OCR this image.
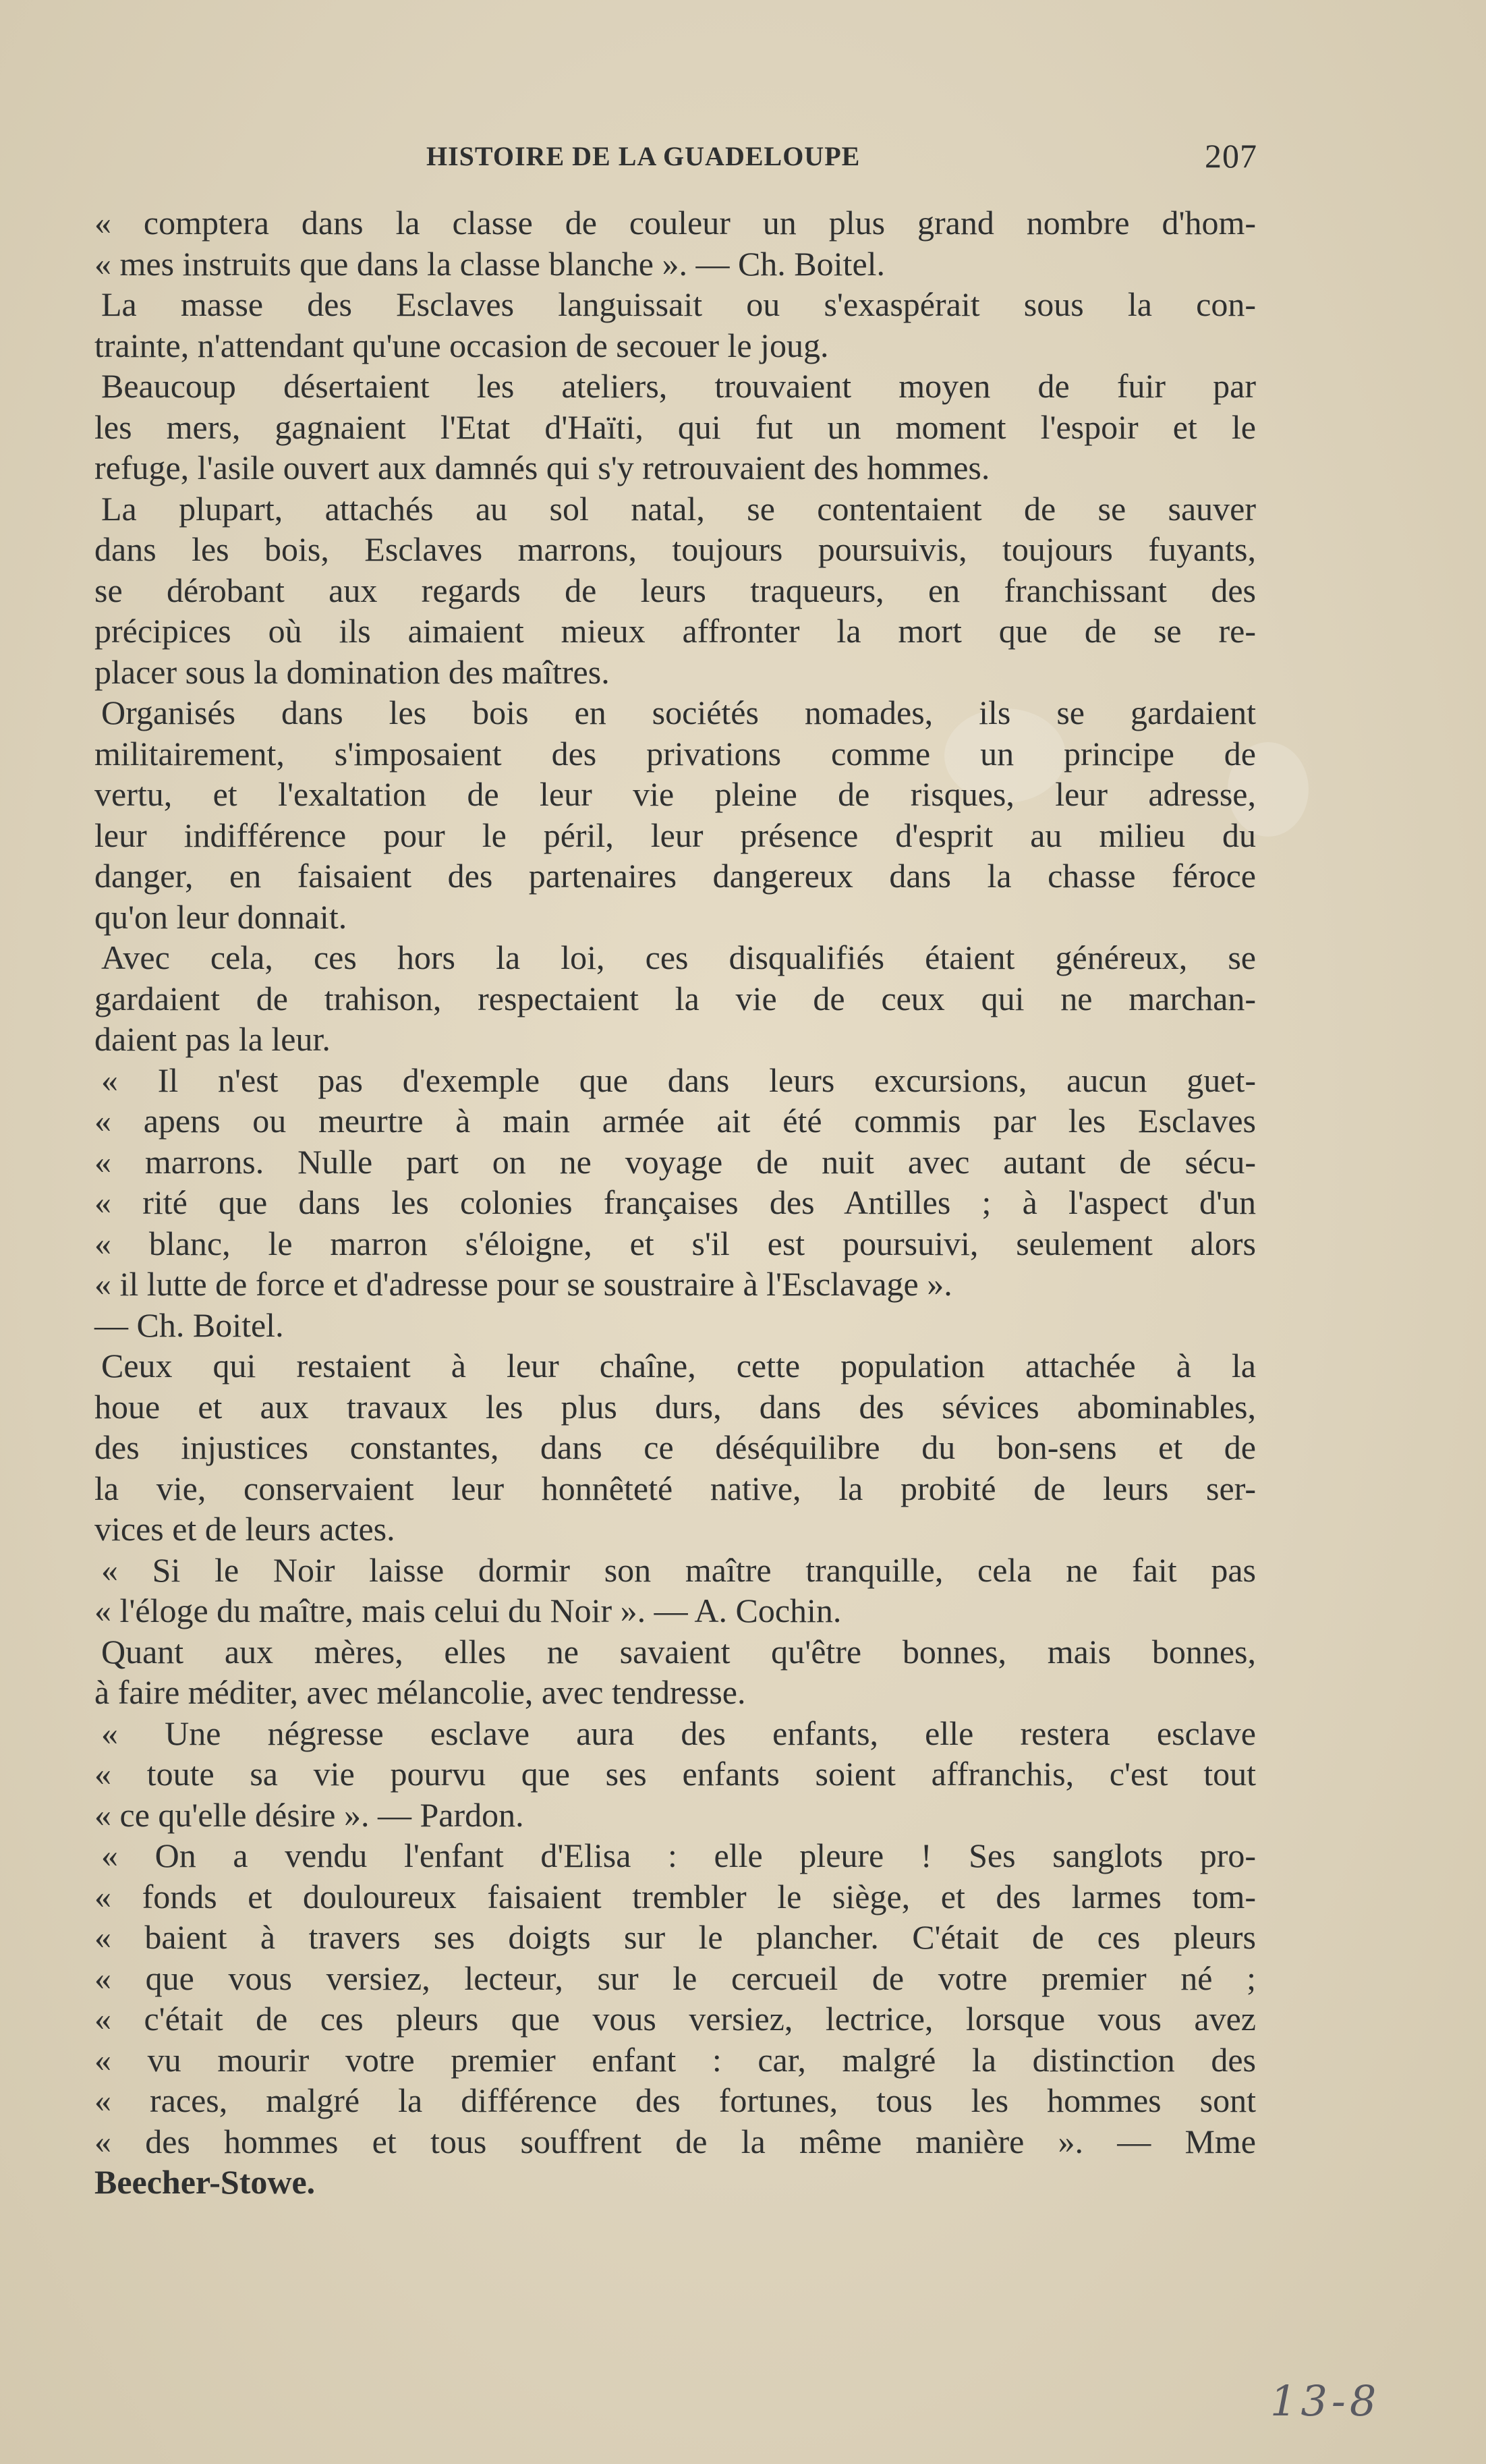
HISTOIRE DE LA GUADELOUPE	207
« comptera dans la classe de couleur un plus grand nombre d'hom-
« mes instruits que dans la classe blanche ». — Ch. Boitel.
La masse des Esclaves languissait ou s'exaspérait sous la con-
trainte, n'attendant qu'une occasion de secouer le joug.
Beaucoup désertaient les ateliers, trouvaient moyen de fuir par
les mers, gagnaient l'Etat d'Haïti, qui fut un moment l'espoir et le
refuge, l'asile ouvert aux damnés qui s'y retrouvaient des hommes.
La plupart, attachés au sol natal, se contentaient de se sauver
dans les bois, Esclaves marrons, toujours poursuivis, toujours fuyants,
se dérobant aux regards de leurs traqueurs, en franchissant des
précipices où ils aimaient mieux affronter la mort que de se re-
placer sous la domination des maîtres.
Organisés dans les bois en sociétés nomades, ils se gardaient
militairement, s'imposaient des privations comme un principe de
vertu, et l'exaltation de leur vie pleine de risques, leur adresse,
leur indifférence pour le péril, leur présence d'esprit au milieu du
danger, en faisaient des partenaires dangereux dans la chasse féroce
qu'on leur donnait.
Avec cela, ces hors la loi, ces disqualifiés étaient généreux, se
gardaient de trahison, respectaient la vie de ceux qui ne marchan-
daient pas la leur.
« Il n'est pas d'exemple que dans leurs excursions, aucun guet-
« apens ou meurtre à main armée ait été commis par les Esclaves
« marrons. Nulle part on ne voyage de nuit avec autant de sécu-
« rité que dans les colonies françaises des Antilles ; à l'aspect d'un
« blanc, le marron s'éloigne, et s'il est poursuivi, seulement alors
« il lutte de force et d'adresse pour se soustraire à l'Esclavage ».
— Ch. Boitel.
Ceux qui restaient à leur chaîne, cette population attachée à la
houe et aux travaux les plus durs, dans des sévices abominables,
des injustices constantes, dans ce déséquilibre du bon-sens et de
la vie, conservaient leur honnêteté native, la probité de leurs ser-
vices et de leurs actes.
« Si le Noir laisse dormir son maître tranquille, cela ne fait pas
« l'éloge du maître, mais celui du Noir ». — A. Cochin.
Quant aux mères, elles ne savaient qu'être bonnes, mais bonnes,
à faire méditer, avec mélancolie, avec tendresse.
« Une négresse esclave aura des enfants, elle restera esclave
« toute sa vie pourvu que ses enfants soient affranchis, c'est tout
« ce qu'elle désire ». — Pardon.
« On a vendu l'enfant d'Elisa : elle pleure ! Ses sanglots pro-
« fonds et douloureux faisaient trembler le siège, et des larmes tom-
« baient à travers ses doigts sur le plancher. C'était de ces pleurs
« que vous versiez, lecteur, sur le cercueil de votre premier né ;
« c'était de ces pleurs que vous versiez, lectrice, lorsque vous avez
« vu mourir votre premier enfant : car, malgré la distinction des
« races, malgré la différence des fortunes, tous les hommes sont
« des hommes et tous souffrent de la même manière ». — Mme
Beecher-Stowe.
13-8
